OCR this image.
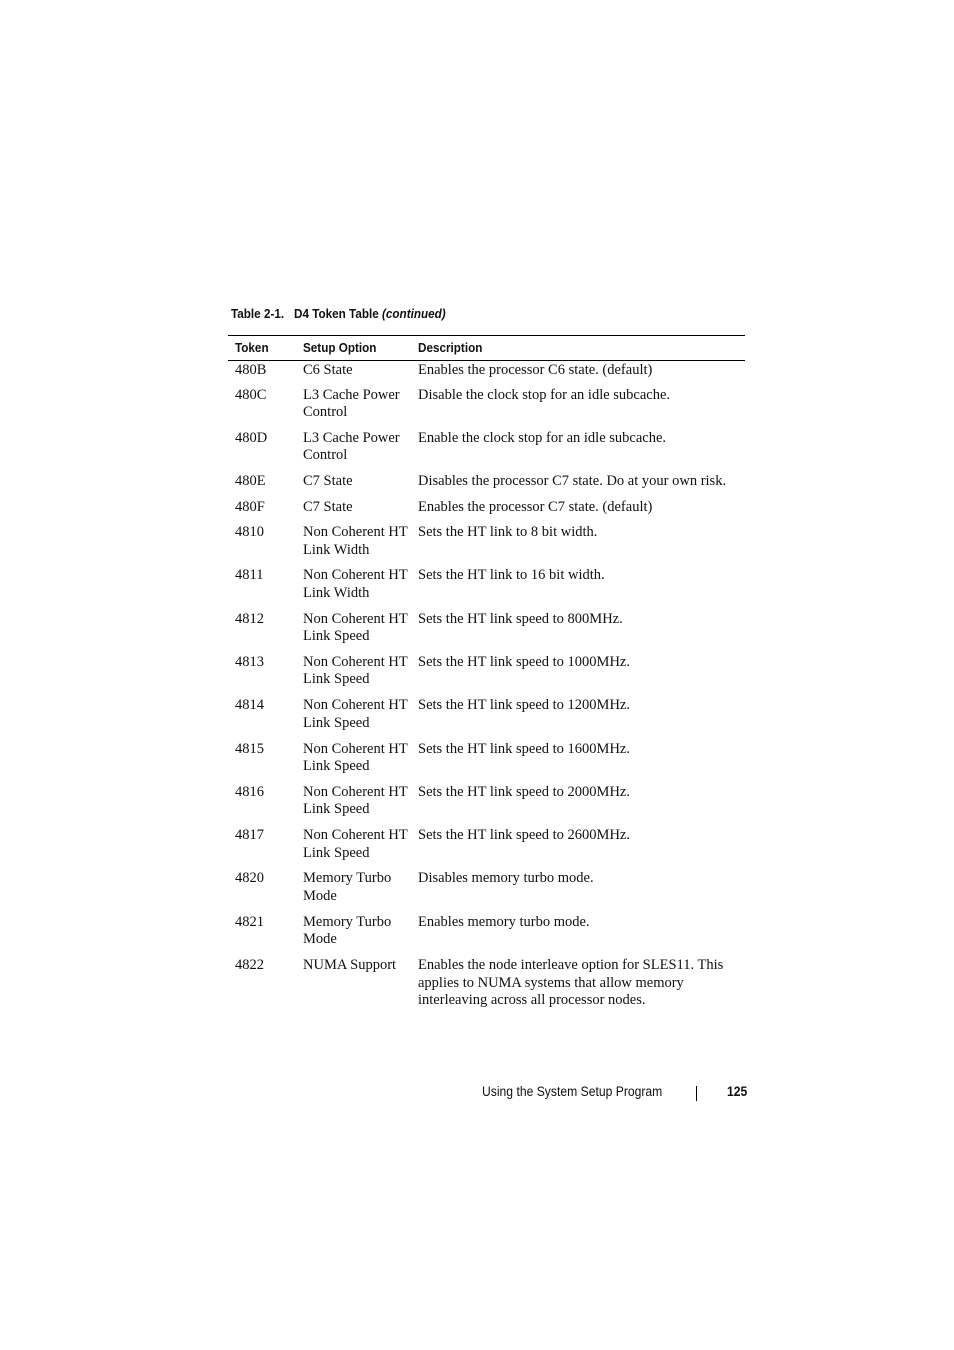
Table 2-1. D4 Token Table (continued)
Token	Setup Option	Description
480B	C6 State	Enables the processor C6 state. (default)
480C	L3 Cache Power Control	Disable the clock stop for an idle subcache.
480D	L3 Cache Power Control	Enable the clock stop for an idle subcache.
480E	C7 State	Disables the processor C7 state. Do at your own risk.
480F	C7 State	Enables the processor C7 state. (default)
4810	Non Coherent HT Link Width	Sets the HT link to 8 bit width.
4811	Non Coherent HT Link Width	Sets the HT link to 16 bit width.
4812	Non Coherent HT Link Speed	Sets the HT link speed to 800MHz.
4813	Non Coherent HT Link Speed	Sets the HT link speed to 1000MHz.
4814	Non Coherent HT Link Speed	Sets the HT link speed to 1200MHz.
4815	Non Coherent HT Link Speed	Sets the HT link speed to 1600MHz.
4816	Non Coherent HT Link Speed	Sets the HT link speed to 2000MHz.
4817	Non Coherent HT Link Speed	Sets the HT link speed to 2600MHz.
4820	Memory Turbo Mode	Disables memory turbo mode.
4821	Memory Turbo Mode	Enables memory turbo mode.
4822	NUMA Support	Enables the node interleave option for SLES11. This applies to NUMA systems that allow memory interleaving across all processor nodes.
Using the System Setup Program	125
